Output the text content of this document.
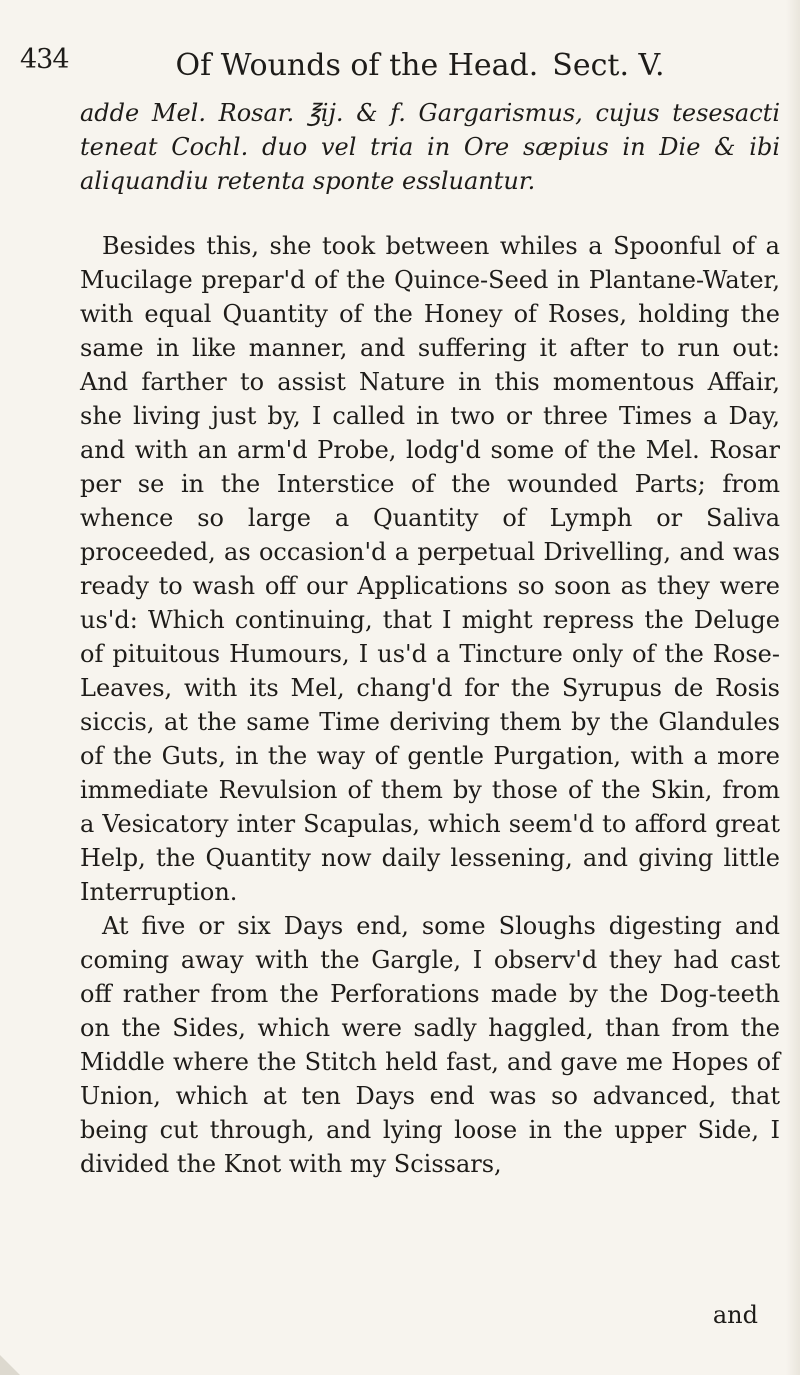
434	Of Wounds of the Head. Sect. V.

adde Mel. Rosar. ℥ij. & f. Gargarismus, cujus tesesacti teneat Cochl. duo vel tria in Ore sæpius in Die & ibi aliquandiu retenta sponte essluantur.

Besides this, she took between whiles a Spoonful of a Mucilage prepar'd of the Quince-Seed in Plantane-Water, with equal Quantity of the Honey of Roses, holding the same in like manner, and suffering it after to run out: And farther to assist Nature in this momentous Affair, she living just by, I called in two or three Times a Day, and with an arm'd Probe, lodg'd some of the Mel. Rosar per se in the Interstice of the wounded Parts; from whence so large a Quantity of Lymph or Saliva proceeded, as occasion'd a perpetual Drivelling, and was ready to wash off our Applications so soon as they were us'd: Which continuing, that I might repress the Deluge of pituitous Humours, I us'd a Tincture only of the Rose-Leaves, with its Mel, chang'd for the Syrupus de Rosis siccis, at the same Time deriving them by the Glandules of the Guts, in the way of gentle Purgation, with a more immediate Revulsion of them by those of the Skin, from a Vesicatory inter Scapulas, which seem'd to afford great Help, the Quantity now daily lessening, and giving little Interruption.

At five or six Days end, some Sloughs digesting and coming away with the Gargle, I observ'd they had cast off rather from the Perforations made by the Dog-teeth on the Sides, which were sadly haggled, than from the Middle where the Stitch held fast, and gave me Hopes of Union, which at ten Days end was so advanced, that being cut through, and lying loose in the upper Side, I divided the Knot with my Scissars,

and
